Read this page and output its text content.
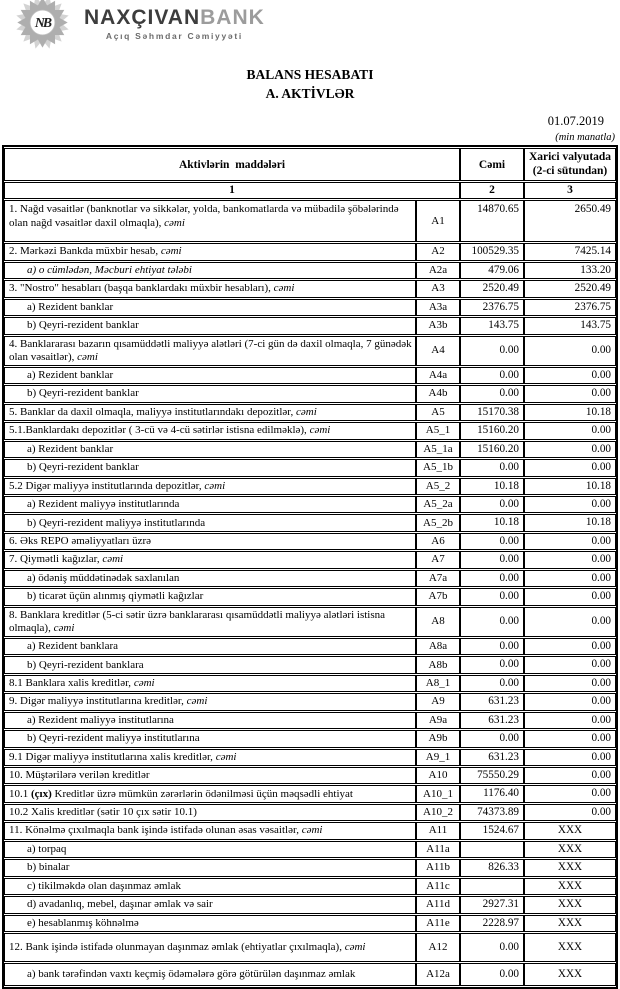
NB NAXÇIVANBANK
Açıq Səhmdar Cəmiyyəti
BALANS HESABATI
A. AKTİVLƏR
01.07.2019
(min manatla)
Aktivlərin  maddələri		Cəmi	Xarici valyutada
(2-ci sütundan)

1		2	3
1. Nağd vəsaitlər (banknotlar və sikkələr, yolda, bankomatlarda və mübadilə şöbələrində olan nağd vəsaitlər daxil olmaqla), cəmi	A1	14870.65	2650.49
2. Mərkəzi Bankda müxbir hesab, cəmi	A2	100529.35	7425.14
a) o cümlədən, Məcburi ehtiyat tələbi	A2a	479.06	133.20
3. "Nostro" hesabları (başqa banklardakı müxbir hesabları), cəmi	A3	2520.49	2520.49
a) Rezident banklar	A3a	2376.75	2376.75
b) Qeyri-rezident banklar	A3b	143.75	143.75
4. Banklararası bazarın qısamüddətli maliyyə alətləri (7-ci gün də daxil olmaqla, 7 günədək olan vəsaitlər), cəmi	A4	0.00	0.00
a) Rezident banklar	A4a	0.00	0.00
b) Qeyri-rezident banklar	A4b	0.00	0.00
5. Banklar da daxil olmaqla, maliyyə institutlarındakı depozitlər, cəmi	A5	15170.38	10.18
5.1.Banklardakı depozitlər ( 3-cü və 4-cü sətirlər istisna edilməklə), cəmi	A5_1	15160.20	0.00
a) Rezident banklar	A5_1a	15160.20	0.00
b) Qeyri-rezident banklar	A5_1b	0.00	0.00
5.2 Digər maliyyə institutlarında depozitlər, cəmi	A5_2	10.18	10.18
a) Rezident maliyyə institutlarında	A5_2a	0.00	0.00
b) Qeyri-rezident maliyyə institutlarında	A5_2b	10.18	10.18
6. Əks REPO əməliyyatları üzrə	A6	0.00	0.00
7. Qiymətli kağızlar, cəmi	A7	0.00	0.00
a) ödəniş müddətinədək saxlanılan	A7a	0.00	0.00
b) ticarət üçün alınmış qiymətli kağızlar	A7b	0.00	0.00
8. Banklara kreditlər (5-ci sətir üzrə banklararası qısamüddətli maliyyə alətləri istisna olmaqla), cəmi	A8	0.00	0.00
a) Rezident banklara	A8a	0.00	0.00
b) Qeyri-rezident banklara	A8b	0.00	0.00
8.1 Banklara xalis kreditlər, cəmi	A8_1	0.00	0.00
9. Digər maliyyə institutlarına kreditlər, cəmi	A9	631.23	0.00
a) Rezident maliyyə institutlarına	A9a	631.23	0.00
b) Qeyri-rezident maliyyə institutlarına	A9b	0.00	0.00
9.1 Digər maliyyə institutlarına xalis kreditlər, cəmi	A9_1	631.23	0.00
10. Müştərilərə verilən kreditlər	A10	75550.29	0.00
10.1 (çıx) Kreditlər üzrə mümkün zərərlərin ödənilməsi üçün məqsədli ehtiyat	A10_1	1176.40	0.00
10.2 Xalis kreditlər (sətir 10 çıx sətir 10.1)	A10_2	74373.89	0.00
11. Könəlmə çıxılmaqla bank işində istifadə olunan əsas vəsaitlər, cəmi	A11	1524.67	XXX
a) torpaq	A11a		XXX
b) binalar	A11b	826.33	XXX
c) tikilməkdə olan daşınmaz əmlak	A11c		XXX
d) avadanlıq, mebel, daşınar əmlak və sair	A11d	2927.31	XXX
e) hesablanmış köhnəlmə	A11e	2228.97	XXX
12. Bank işində istifadə olunmayan daşınmaz əmlak (ehtiyatlar çıxılmaqla), cəmi	A12	0.00	XXX
a) bank tərəfindən vaxtı keçmiş ödəmələrə görə götürülən daşınmaz əmlak	A12a	0.00	XXX
